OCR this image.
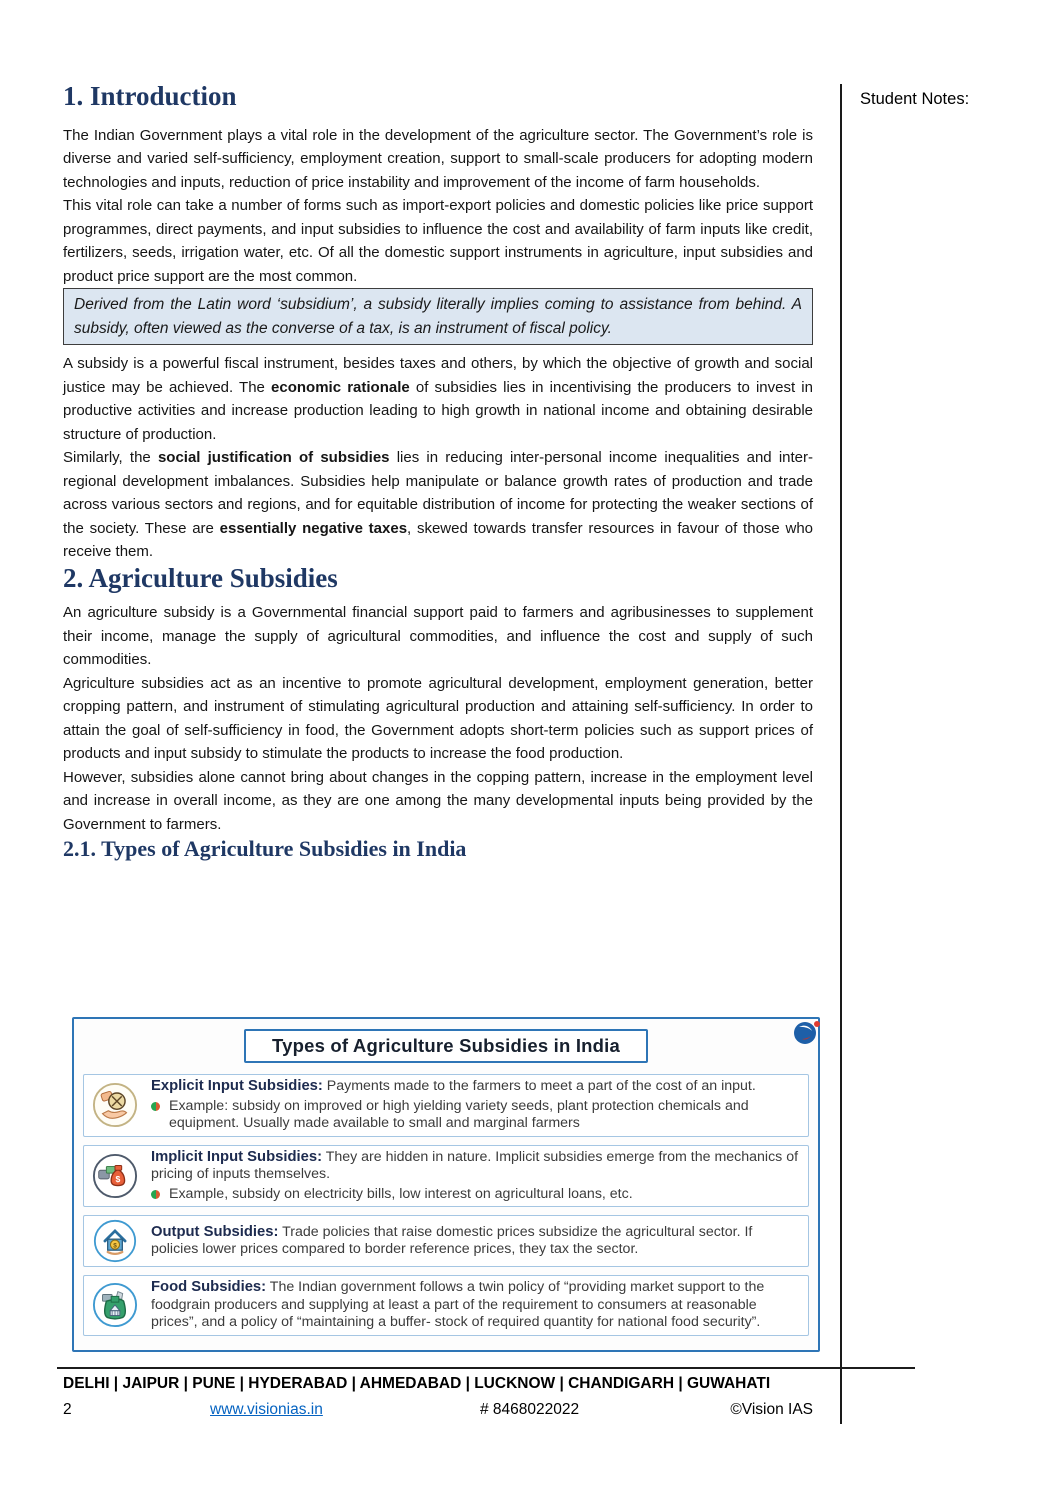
Student Notes:
1. Introduction

The Indian Government plays a vital role in the development of the agriculture sector. The Government’s role is diverse and varied self-sufficiency, employment creation, support to small-scale producers for adopting modern technologies and inputs, reduction of price instability and improvement of the income of farm households.

This vital role can take a number of forms such as import-export policies and domestic policies like price support programmes, direct payments, and input subsidies to influence the cost and availability of farm inputs like credit, fertilizers, seeds, irrigation water, etc. Of all the domestic support instruments in agriculture, input subsidies and product price support are the most common.

Derived from the Latin word ‘subsidium’, a subsidy literally implies coming to assistance from behind. A subsidy, often viewed as the converse of a tax, is an instrument of fiscal policy.

A subsidy is a powerful fiscal instrument, besides taxes and others, by which the objective of growth and social justice may be achieved. The economic rationale of subsidies lies in incentivising the producers to invest in productive activities and increase production leading to high growth in national income and obtaining desirable structure of production.

Similarly, the social justification of subsidies lies in reducing inter-personal income inequalities and inter- regional development imbalances. Subsidies help manipulate or balance growth rates of production and trade across various sectors and regions, and for equitable distribution of income for protecting the weaker sections of the society. These are essentially negative taxes, skewed towards transfer resources in favour of those who receive them.

2. Agriculture Subsidies

An agriculture subsidy is a Governmental financial support paid to farmers and agribusinesses to supplement their income, manage the supply of agricultural commodities, and influence the cost and supply of such commodities.

Agriculture subsidies act as an incentive to promote agricultural development, employment generation, better cropping pattern, and instrument of stimulating agricultural production and attaining self-sufficiency. In order to attain the goal of self-sufficiency in food, the Government adopts short-term policies such as support prices of products and input subsidy to stimulate the products to increase the food production.

However, subsidies alone cannot bring about changes in the copping pattern, increase in the employment level and increase in overall income, as they are one among the many developmental inputs being provided by the Government to farmers.

2.1. Types of Agriculture Subsidies in India
Types of Agriculture Subsidies in India
Explicit Input Subsidies: Payments made to the farmers to meet a part of the cost of an input.
Example: subsidy on improved or high yielding variety seeds, plant protection chemicals and equipment. Usually made available to small and marginal farmers
$
Implicit Input Subsidies: They are hidden in nature. Implicit subsidies emerge from the mechanics of pricing of inputs themselves.
Example, subsidy on electricity bills, low interest on agricultural loans, etc.
$
Output Subsidies: Trade policies that raise domestic prices subsidize the agricultural sector. If policies lower prices compared to border reference prices, they tax the sector.
Food Subsidies: The Indian government follows a twin policy of “providing market support to the foodgrain producers and supplying at least a part of the requirement to consumers at reasonable prices”, and a policy of “maintaining a buffer- stock of required quantity for national food security”.
DELHI | JAIPUR | PUNE | HYDERABAD | AHMEDABAD | LUCKNOW | CHANDIGARH | GUWAHATI
2	www.visionias.in	# 8468022022	©Vision IAS
